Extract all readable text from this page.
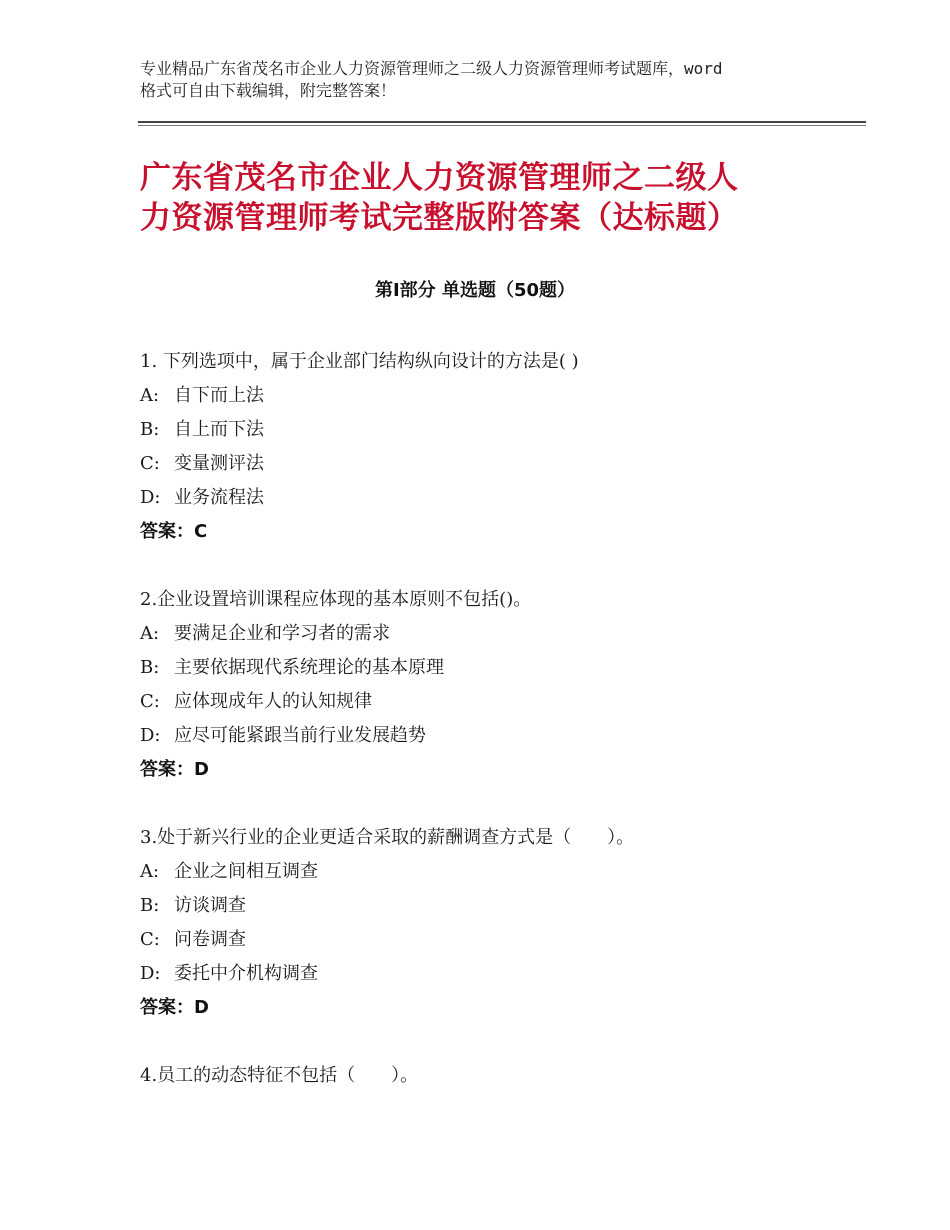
专业精品广东省茂名市企业人力资源管理师之二级人力资源管理师考试题库，word
格式可自由下载编辑，附完整答案！
广东省茂名市企业人力资源管理师之二级人
力资源管理师考试完整版附答案（达标题）
第Ⅰ部分 单选题（50题）
1. 下列选项中，属于企业部门结构纵向设计的方法是( )
A: 自下而上法
B: 自上而下法
C: 变量测评法
D: 业务流程法
答案：C
2.企业设置培训课程应体现的基本原则不包括()。
A: 要满足企业和学习者的需求
B: 主要依据现代系统理论的基本原理
C: 应体现成年人的认知规律
D: 应尽可能紧跟当前行业发展趋势
答案：D
3.处于新兴行业的企业更适合采取的薪酬调查方式是（　　）。
A: 企业之间相互调查
B: 访谈调查
C: 问卷调查
D: 委托中介机构调查
答案：D
4.员工的动态特征不包括（　　）。
